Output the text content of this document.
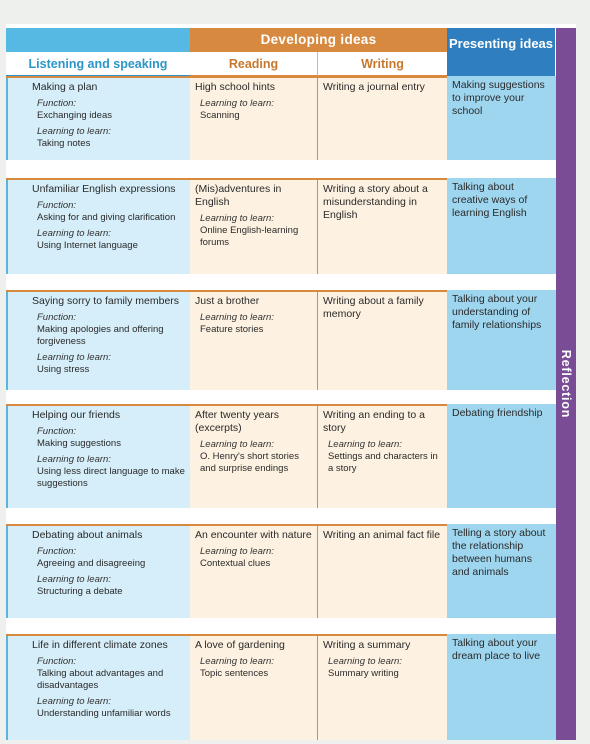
Listening and speaking
Developing ideas
Reading	Writing
Presenting ideas
Reflection
Making a plan
Function:
Exchanging ideas
Learning to learn:
Taking notes
High school hints
Learning to learn:
Scanning
Writing a journal entry	Making suggestions to improve your school
Unfamiliar English expressions
Function:
Asking for and giving clarification
Learning to learn:
Using Internet language
(Mis)adventures in English
Learning to learn:
Online English-learning forums
Writing a story about a misunderstanding in English
Talking about creative ways of learning English
Saying sorry to family members
Function:
Making apologies and offering forgiveness
Learning to learn:
Using stress
Just a brother
Learning to learn:
Feature stories
Writing about a family memory
Talking about your understanding of family relationships
Helping our friends
Function:
Making suggestions
Learning to learn:
Using less direct language to make suggestions
After twenty years (excerpts)
Learning to learn:
O. Henry's short stories and surprise endings
Writing an ending to a story
Learning to learn:
Settings and characters in a story
Debating friendship
Debating about animals
Function:
Agreeing and disagreeing
Learning to learn:
Structuring a debate
An encounter with nature
Learning to learn:
Contextual clues
Writing an animal fact file Telling a story about the relationship between humans and animals
Life in different climate zones
Function:
Talking about advantages and disadvantages
Learning to learn:
Understanding unfamiliar words
A love of gardening
Learning to learn:
Topic sentences
Writing a summary
Learning to learn:
Summary writing
Talking about your dream place to live
